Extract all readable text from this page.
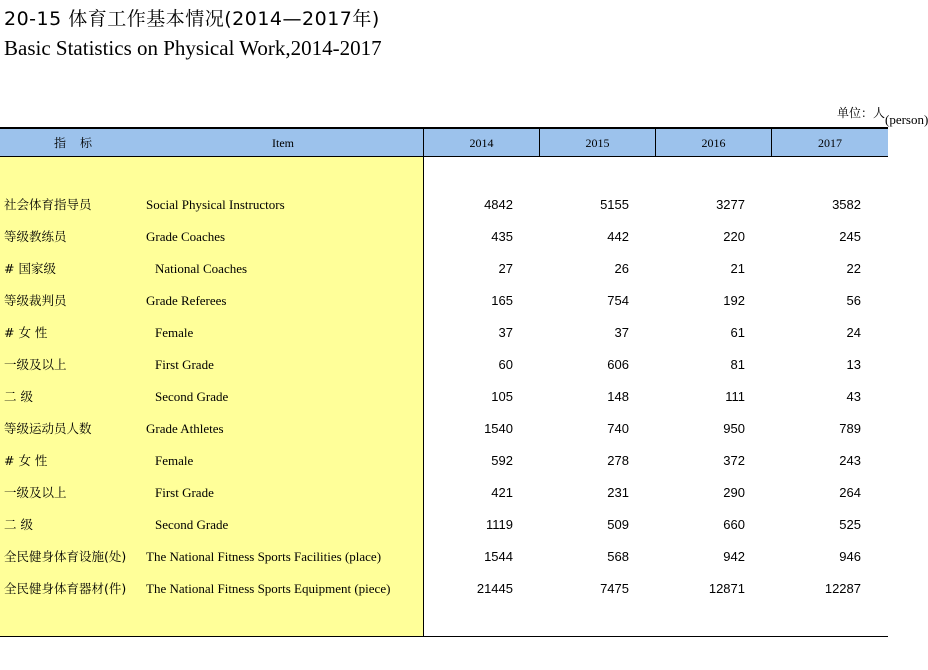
20-15 体育工作基本情况(2014—2017年)
Basic Statistics on Physical Work,2014-2017
单位：人 (person)
指标	Item	2014	2015	2016	2017
社会体育指导员	Social Physical Instructors	4842	5155	3277	3582
等级教练员	Grade Coaches	435	442	220	245
# 国家级	National Coaches	27	26	21	22
等级裁判员	Grade Referees	165	754	192	56
# 女 性	Female	37	37	61	24
一级及以上	First Grade	60	606	81	13
二 级	Second Grade	105	148	111	43
等级运动员人数	Grade Athletes	1540	740	950	789
# 女 性	Female	592	278	372	243
一级及以上	First Grade	421	231	290	264
二 级	Second Grade	1119	509	660	525
全民健身体育设施(处) The National Fitness Sports Facilities (place)	1544	568	942	946
全民健身体育器材(件) The National Fitness Sports Equipment (piece)	21445	7475	12871	12287
